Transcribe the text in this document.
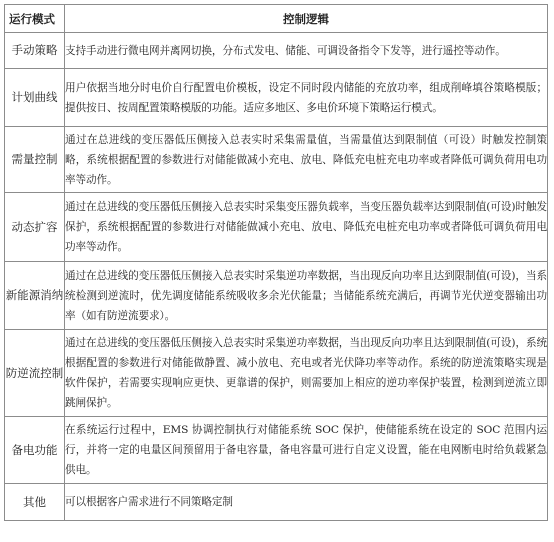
运行模式	控制逻辑
手动策略	支持手动进行微电网并离网切换，分布式发电、储能、可调设备指令下发等，进行遥控等动作。
计划曲线	用户依据当地分时电价自行配置电价模板，设定不同时段内储能的充放功率，组成削峰填谷策略模版；提供按日、按周配置策略模版的功能。适应多地区、多电价环境下策略运行模式。
需量控制	通过在总进线的变压器低压侧接入总表实时采集需量值，当需量值达到限制值（可设）时触发控制策略，系统根据配置的参数进行对储能做减小充电、放电、降低充电桩充电功率或者降低可调负荷用电功率等动作。
动态扩容	通过在总进线的变压器低压侧接入总表实时采集变压器负载率，当变压器负载率达到限制值(可设)时触发保护，系统根据配置的参数进行对储能做减小充电、放电、降低充电桩充电功率或者降低可调负荷用电功率等动作。
新能源消纳	通过在总进线的变压器低压侧接入总表实时采集逆功率数据，当出现反向功率且达到限制值(可设)，当系统检测到逆流时，优先调度储能系统吸收多余光伏能量；当储能系统充满后，再调节光伏逆变器输出功率（如有防逆流要求）。
防逆流控制	通过在总进线的变压器低压侧接入总表实时采集逆功率数据，当出现反向功率且达到限制值(可设)，系统根据配置的参数进行对储能做静置、减小放电、充电或者光伏降功率等动作。系统的防逆流策略实现是软件保护，若需要实现响应更快、更靠谱的保护，则需要加上相应的逆功率保护装置，检测到逆流立即跳闸保护。
备电功能	在系统运行过程中，EMS 协调控制执行对储能系统 SOC 保护，使储能系统在设定的 SOC 范围内运行，并将一定的电量区间预留用于备电容量，备电容量可进行自定义设置，能在电网断电时给负载紧急供电。
其他	可以根据客户需求进行不同策略定制
